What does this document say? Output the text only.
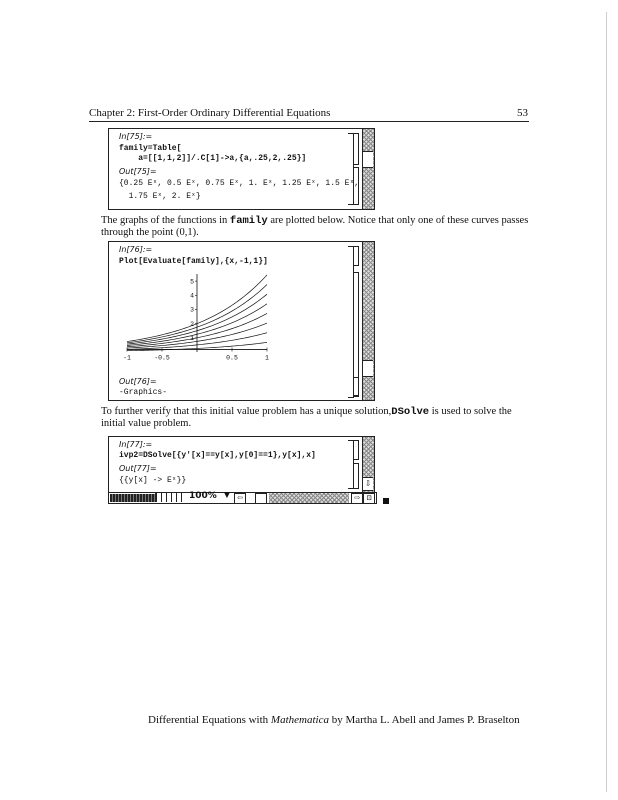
Chapter 2: First-Order Ordinary Differential Equations	53
In[75]:=
family=Table[
a=[[1,1,2]]/.C[1]->a,{a,.25,2,.25}]
Out[75]=
{0.25 Eˣ, 0.5 Eˣ, 0.75 Eˣ, 1. Eˣ, 1.25 Eˣ, 1.5 Eˣ,
1.75 Eˣ, 2. Eˣ}
The graphs of the functions in family are plotted below. Notice that only one of these curves passes through the point (0,1).
In[76]:=
Plot[Evaluate[family],{x,-1,1}]
-1	-0.5	0.5	1
1
2
3
4
5
Out[76]=
-Graphics-
To further verify that this initial value problem has a unique solution,DSolve is used to solve the initial value problem.
In[77]:=
ivp2=DSolve[{y'[x]==y[x],y[0]==1},y[x],x]
Out[77]=
{{y[x] -> Eˣ}}	⇩
100% ▼ ⇦	⇨ ⊡
Differential Equations with Mathematica by Martha L. Abell and James P. Braselton
